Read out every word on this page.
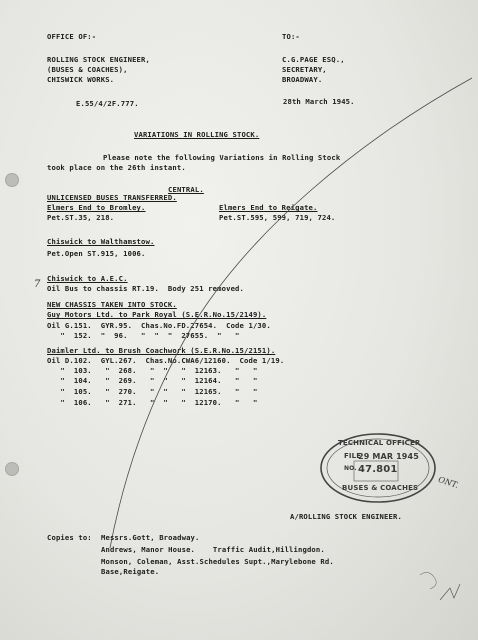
OFFICE OF:-
ROLLING STOCK ENGINEER,
(BUSES & COACHES),
CHISWICK WORKS.
TO:-
C.G.PAGE ESQ.,
SECRETARY,
BROADWAY.
E.55/4/2F.777.	28th March 1945.
VARIATIONS IN ROLLING STOCK.
Please note the following Variations in Rolling Stock
took place on the 26th instant.
CENTRAL.
UNLICENSED BUSES TRANSFERRED.
Elmers End to Bromley.
Pet.ST.35, 218.
Elmers End to Reigate.
Pet.ST.595, 599, 719, 724.
Chiswick to Walthamstow.
Pet.Open ST.915, 1006.
Chiswick to A.E.C.
Oil Bus to chassis RT.19.  Body 251 removed.
NEW CHASSIS TAKEN INTO STOCK.
Guy Motors Ltd. to Park Royal (S.E.R.No.15/2149).
Oil G.151.  GYR.95.  Chas.No.FD.27654.  Code 1/30.
"  152.  "  96.   "  "  "  27655.  "   "
Daimler Ltd. to Brush Coachwork (S.E.R.No.15/2151).
Oil D.102.  GYL.267.  Chas.No.CWA6/12160.  Code 1/19.
"  103.   "  268.   "  "   "  12163.   "   "
"  104.   "  269.   "  "   "  12164.   "   "
"  105.   "  270.   "  "   "  12165.   "   "
"  106.   "  271.   "  "   "  12170.   "   "
7
ONT.
TECHNICAL OFFICER
FILE
29 MAR 1945
NO. 47.801
BUSES & COACHES
A/ROLLING STOCK ENGINEER.
Copies to: Messrs.Gott, Broadway.
Andrews, Manor House.    Traffic Audit,Hillingdon.
Monson, Coleman, Asst.Schedules Supt.,Marylebone Rd.
Base,Reigate.
